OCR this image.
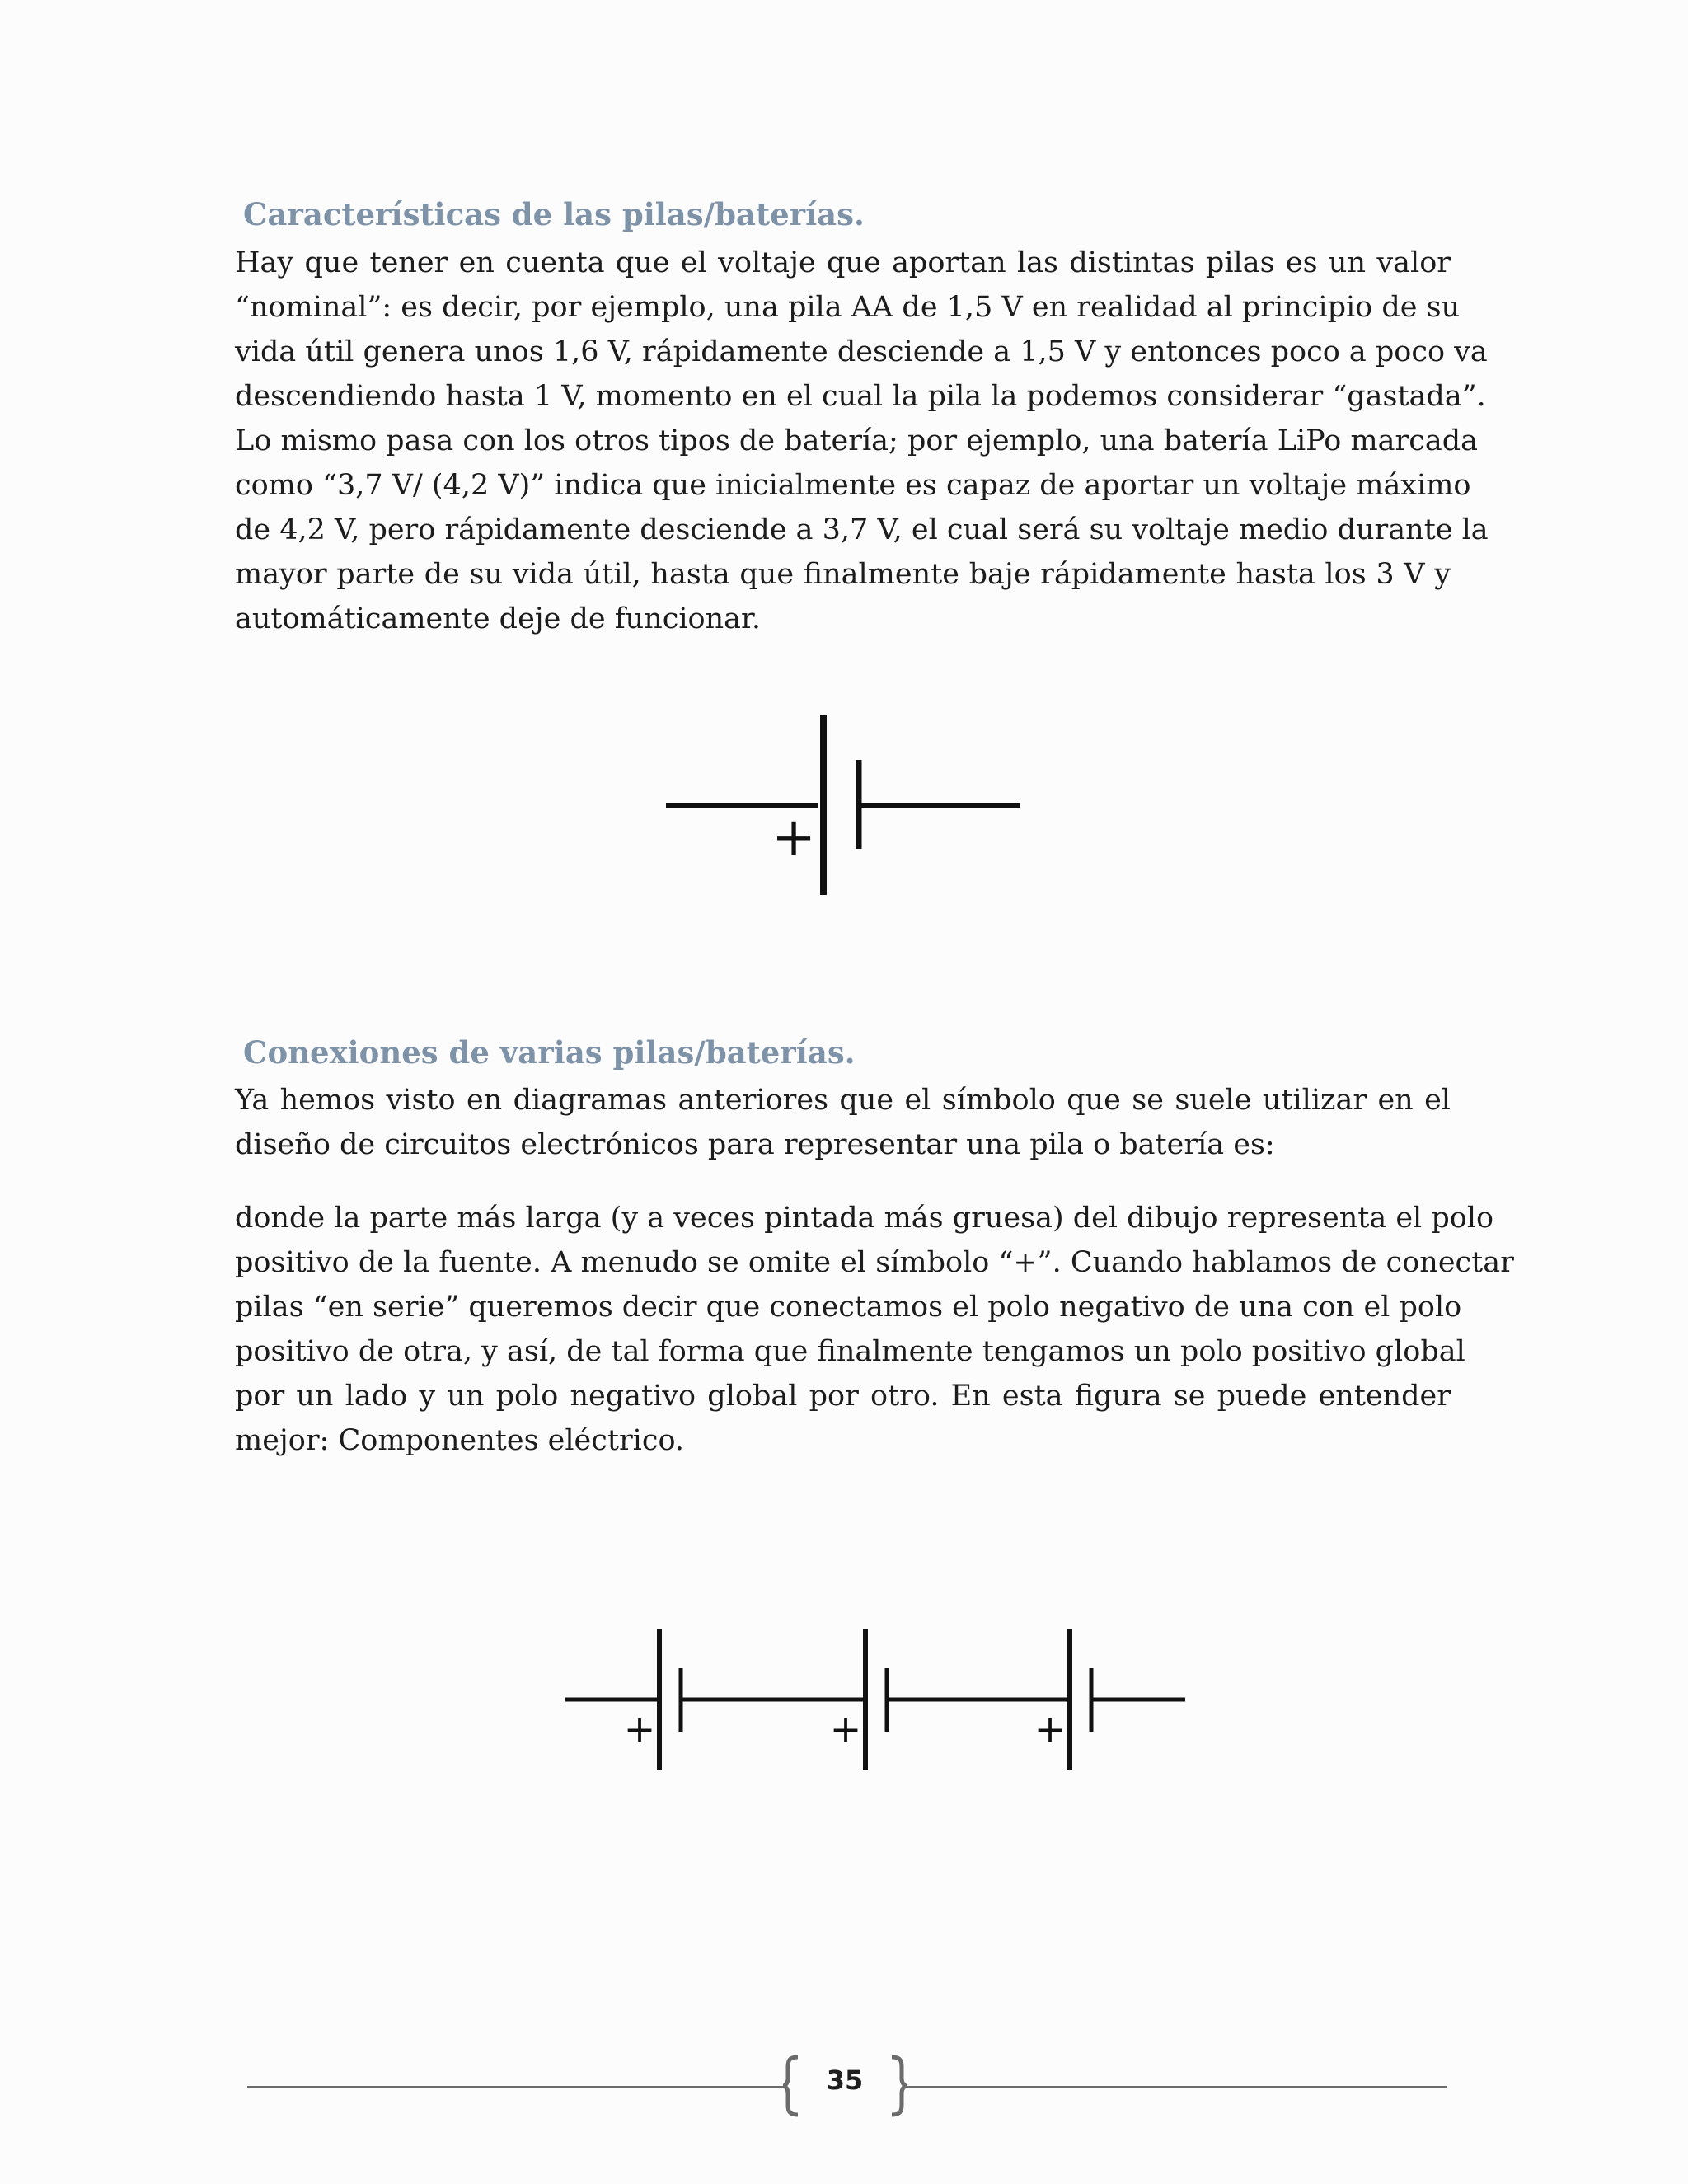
Características de las pilas/baterías.
Hay que tener en cuenta que el voltaje que aportan las distintas pilas es un valor
“nominal”: es decir, por ejemplo, una pila AA de 1,5 V en realidad al principio de su
vida útil genera unos 1,6 V, rápidamente desciende a 1,5 V y entonces poco a poco va
descendiendo hasta 1 V, momento en el cual la pila la podemos considerar “gastada”.
Lo mismo pasa con los otros tipos de batería; por ejemplo, una batería LiPo marcada
como “3,7 V/ (4,2 V)” indica que inicialmente es capaz de aportar un voltaje máximo
de 4,2 V, pero rápidamente desciende a 3,7 V, el cual será su voltaje medio durante la
mayor parte de su vida útil, hasta que finalmente baje rápidamente hasta los 3 V y
automáticamente deje de funcionar.
+
Conexiones de varias pilas/baterías.
Ya hemos visto en diagramas anteriores que el símbolo que se suele utilizar en el
diseño de circuitos electrónicos para representar una pila o batería es:
donde la parte más larga (y a veces pintada más gruesa) del dibujo representa el polo
positivo de la fuente. A menudo se omite el símbolo “+”. Cuando hablamos de conectar
pilas “en serie” queremos decir que conectamos el polo negativo de una con el polo
positivo de otra, y así, de tal forma que finalmente tengamos un polo positivo global
por un lado y un polo negativo global por otro. En esta figura se puede entender
mejor: Componentes eléctrico.
+	+	+
35
